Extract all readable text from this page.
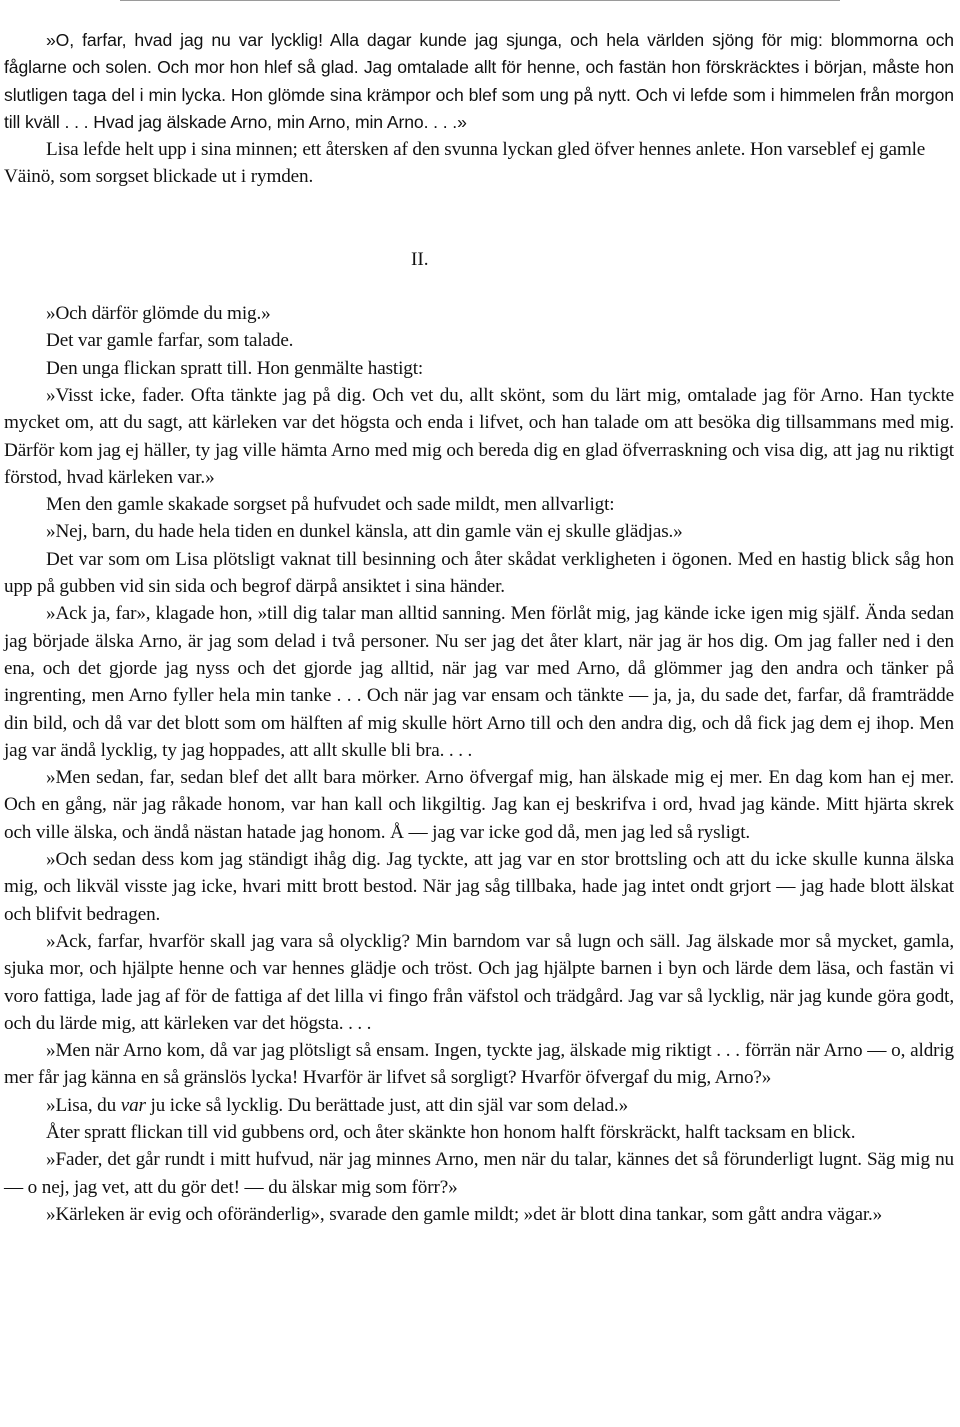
»O, farfar, hvad jag nu var lycklig! Alla dagar kunde jag sjunga, och hela världen sjöng för mig: blommorna och fåglarne och solen. Och mor hon hlef så glad. Jag omtalade allt för henne, och fastän hon förskräcktes i början, måste hon slutligen taga del i min lycka. Hon glömde sina krämpor och blef som ung på nytt. Och vi lefde som i himmelen från morgon till kväll . . . Hvad jag älskade Arno, min Arno, min Arno. . . .»

Lisa lefde helt upp i sina minnen; ett återsken af den svunna lyckan gled öfver hennes anlete. Hon varseblef ej gamle Väinö, som sorgset blickade ut i rymden.

II.

»Och därför glömde du mig.»

Det var gamle farfar, som talade.

Den unga flickan spratt till. Hon genmälte hastigt:

»Visst icke, fader. Ofta tänkte jag på dig. Och vet du, allt skönt, som du lärt mig, omtalade jag för Arno. Han tyckte mycket om, att du sagt, att kärleken var det högsta och enda i lifvet, och han talade om att besöka dig tillsammans med mig. Därför kom jag ej häller, ty jag ville hämta Arno med mig och bereda dig en glad öfverraskning och visa dig, att jag nu riktigt förstod, hvad kärleken var.»

Men den gamle skakade sorgset på hufvudet och sade mildt, men allvarligt:

»Nej, barn, du hade hela tiden en dunkel känsla, att din gamle vän ej skulle glädjas.»

Det var som om Lisa plötsligt vaknat till besinning och åter skådat verkligheten i ögonen. Med en hastig blick såg hon upp på gubben vid sin sida och begrof därpå ansiktet i sina händer.

»Ack ja, far», klagade hon, »till dig talar man alltid sanning. Men förlåt mig, jag kände icke igen mig själf. Ända sedan jag började älska Arno, är jag som delad i två personer. Nu ser jag det åter klart, när jag är hos dig. Om jag faller ned i den ena, och det gjorde jag nyss och det gjorde jag alltid, när jag var med Arno, då glömmer jag den andra och tänker på ingrenting, men Arno fyller hela min tanke . . . Och när jag var ensam och tänkte — ja, ja, du sade det, farfar, då framträdde din bild, och då var det blott som om hälften af mig skulle hört Arno till och den andra dig, och då fick jag dem ej ihop. Men jag var ändå lycklig, ty jag hoppades, att allt skulle bli bra. . . .

»Men sedan, far, sedan blef det allt bara mörker. Arno öfvergaf mig, han älskade mig ej mer. En dag kom han ej mer. Och en gång, när jag råkade honom, var han kall och likgiltig. Jag kan ej beskrifva i ord, hvad jag kände. Mitt hjärta skrek och ville älska, och ändå nästan hatade jag honom. Å — jag var icke god då, men jag led så rysligt.

»Och sedan dess kom jag ständigt ihåg dig. Jag tyckte, att jag var en stor brottsling och att du icke skulle kunna älska mig, och likväl visste jag icke, hvari mitt brott bestod. När jag såg tillbaka, hade jag intet ondt grjort — jag hade blott älskat och blifvit bedragen.

»Ack, farfar, hvarför skall jag vara så olycklig? Min barndom var så lugn och säll. Jag älskade mor så mycket, gamla, sjuka mor, och hjälpte henne och var hennes glädje och tröst. Och jag hjälpte barnen i byn och lärde dem läsa, och fastän vi voro fattiga, lade jag af för de fattiga af det lilla vi fingo från väfstol och trädgård. Jag var så lycklig, när jag kunde göra godt, och du lärde mig, att kärleken var det högsta. . . .

»Men när Arno kom, då var jag plötsligt så ensam. Ingen, tyckte jag, älskade mig riktigt . . . förrän när Arno — o, aldrig mer får jag känna en så gränslös lycka! Hvarför är lifvet så sorgligt? Hvarför öfvergaf du mig, Arno?»

»Lisa, du var ju icke så lycklig. Du berättade just, att din själ var som delad.»

Åter spratt flickan till vid gubbens ord, och åter skänkte hon honom halft förskräckt, halft tacksam en blick.

»Fader, det går rundt i mitt hufvud, när jag minnes Arno, men när du talar, kännes det så förunderligt lugnt. Säg mig nu — o nej, jag vet, att du gör det! — du älskar mig som förr?»

»Kärleken är evig och oföränderlig», svarade den gamle mildt; »det är blott dina tankar, som gått andra vägar.»
